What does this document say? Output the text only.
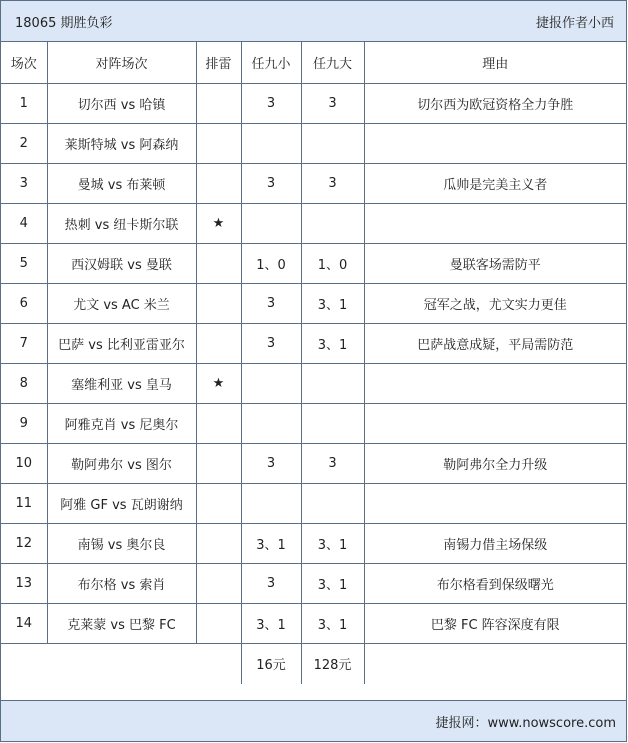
18065 期胜负彩	捷报作者小西
场次	对阵场次	排雷	任九小	任九大	理由
1	切尔西 vs 哈镇		3	3	切尔西为欧冠资格全力争胜
2	莱斯特城 vs 阿森纳				
3	曼城 vs 布莱顿		3	3	瓜帅是完美主义者
4	热刺 vs 纽卡斯尔联	★			
5	西汉姆联 vs 曼联		1、0	1、0	曼联客场需防平
6	尤文 vs AC 米兰		3	3、1	冠军之战，尤文实力更佳
7	巴萨 vs 比利亚雷亚尔		3	3、1	巴萨战意成疑，平局需防范
8	塞维利亚 vs 皇马	★			
9	阿雅克肖 vs 尼奥尔				
10	勒阿弗尔 vs 图尔		3	3	勒阿弗尔全力升级
11	阿雅 GF vs 瓦朗谢纳				
12	南锡 vs 奥尔良		3、1	3、1	南锡力借主场保级
13	布尔格 vs 索肖		3	3、1	布尔格看到保级曙光
14	克莱蒙 vs 巴黎 FC		3、1	3、1	巴黎 FC 阵容深度有限
			16元	128元	
捷报网：www.nowscore.com
